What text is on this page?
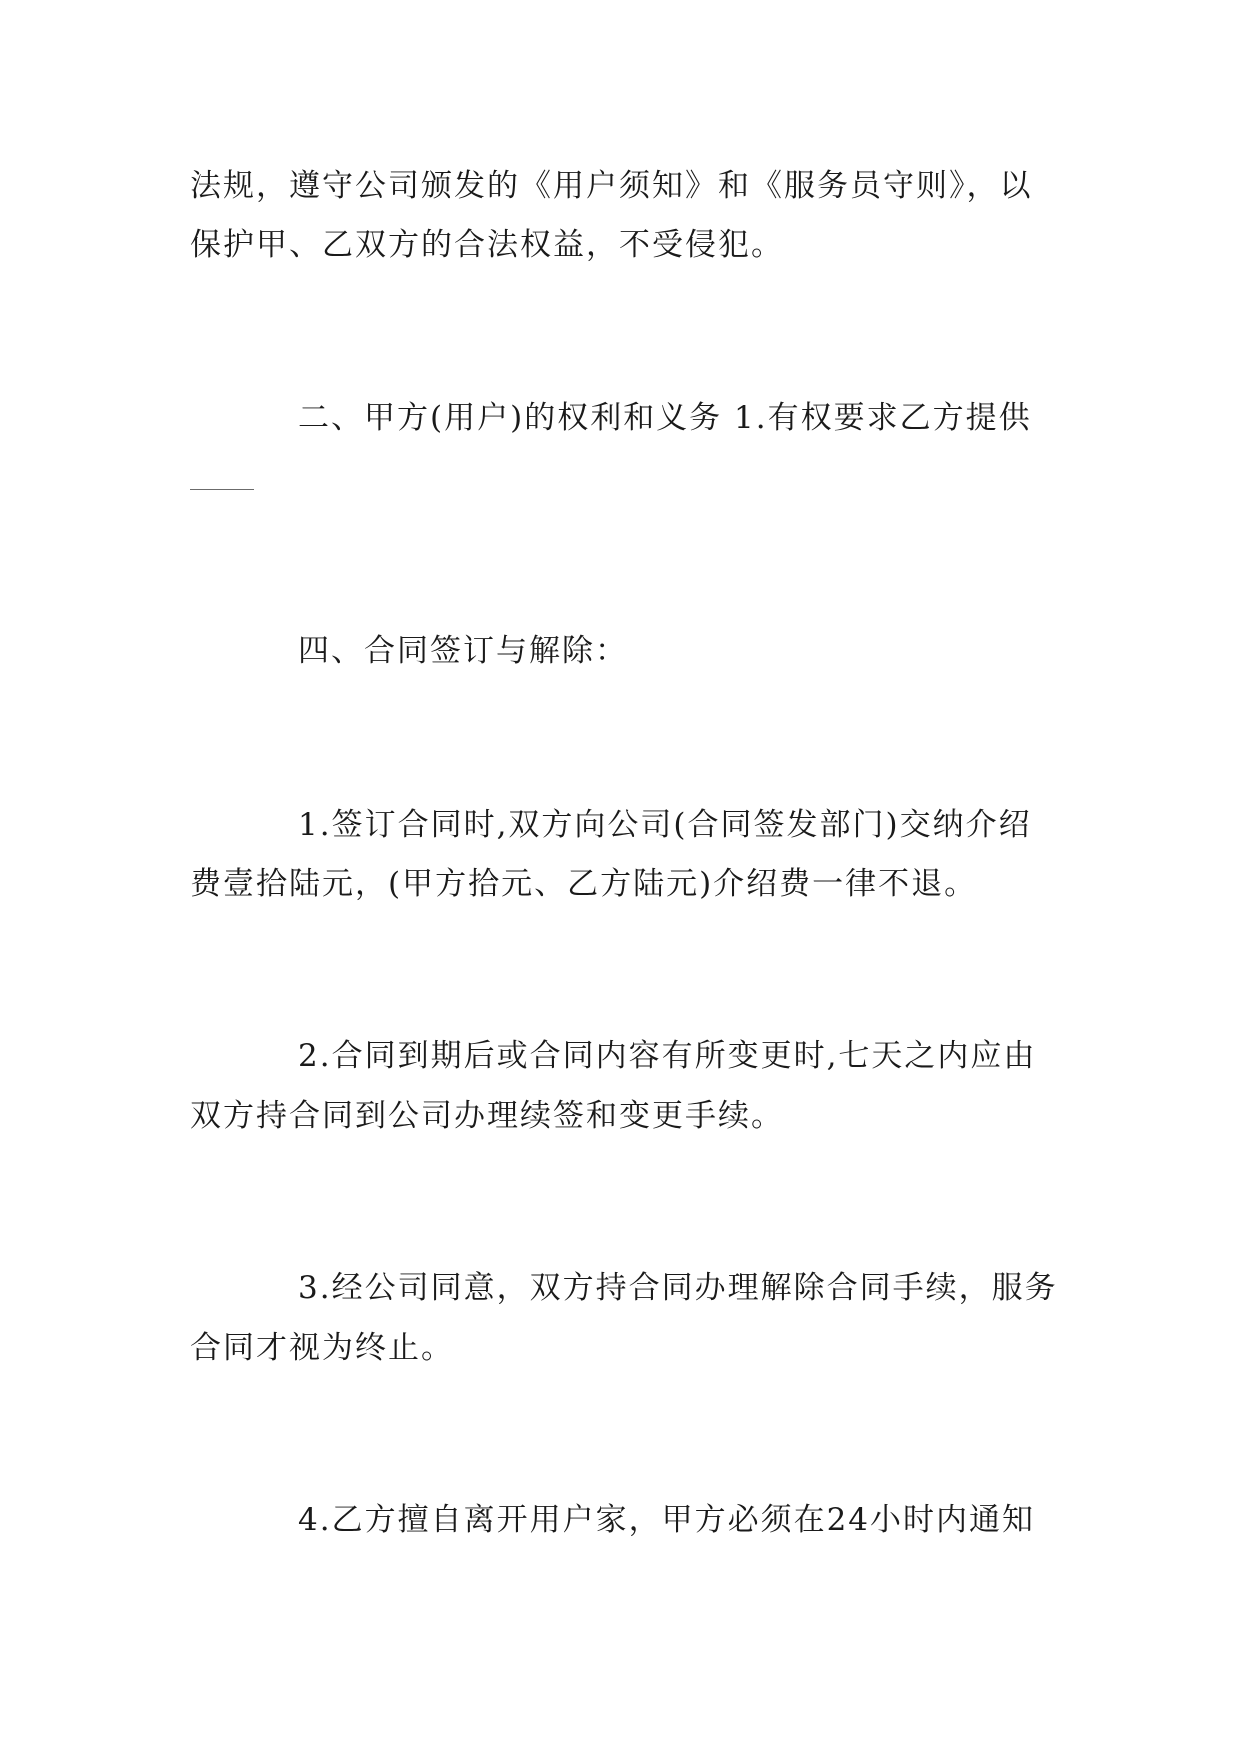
法规，遵守公司颁发的《用户须知》和《服务员守则》，以
保护甲、乙双方的合法权益，不受侵犯。
二、甲方(用户)的权利和义务 1.有权要求乙方提供
四、合同签订与解除：
1.签订合同时,双方向公司(合同签发部门)交纳介绍
费壹拾陆元，(甲方拾元、乙方陆元)介绍费一律不退。
2.合同到期后或合同内容有所变更时,七天之内应由
双方持合同到公司办理续签和变更手续。
3.经公司同意，双方持合同办理解除合同手续，服务
合同才视为终止。
4.乙方擅自离开用户家，甲方必须在24小时内通知
